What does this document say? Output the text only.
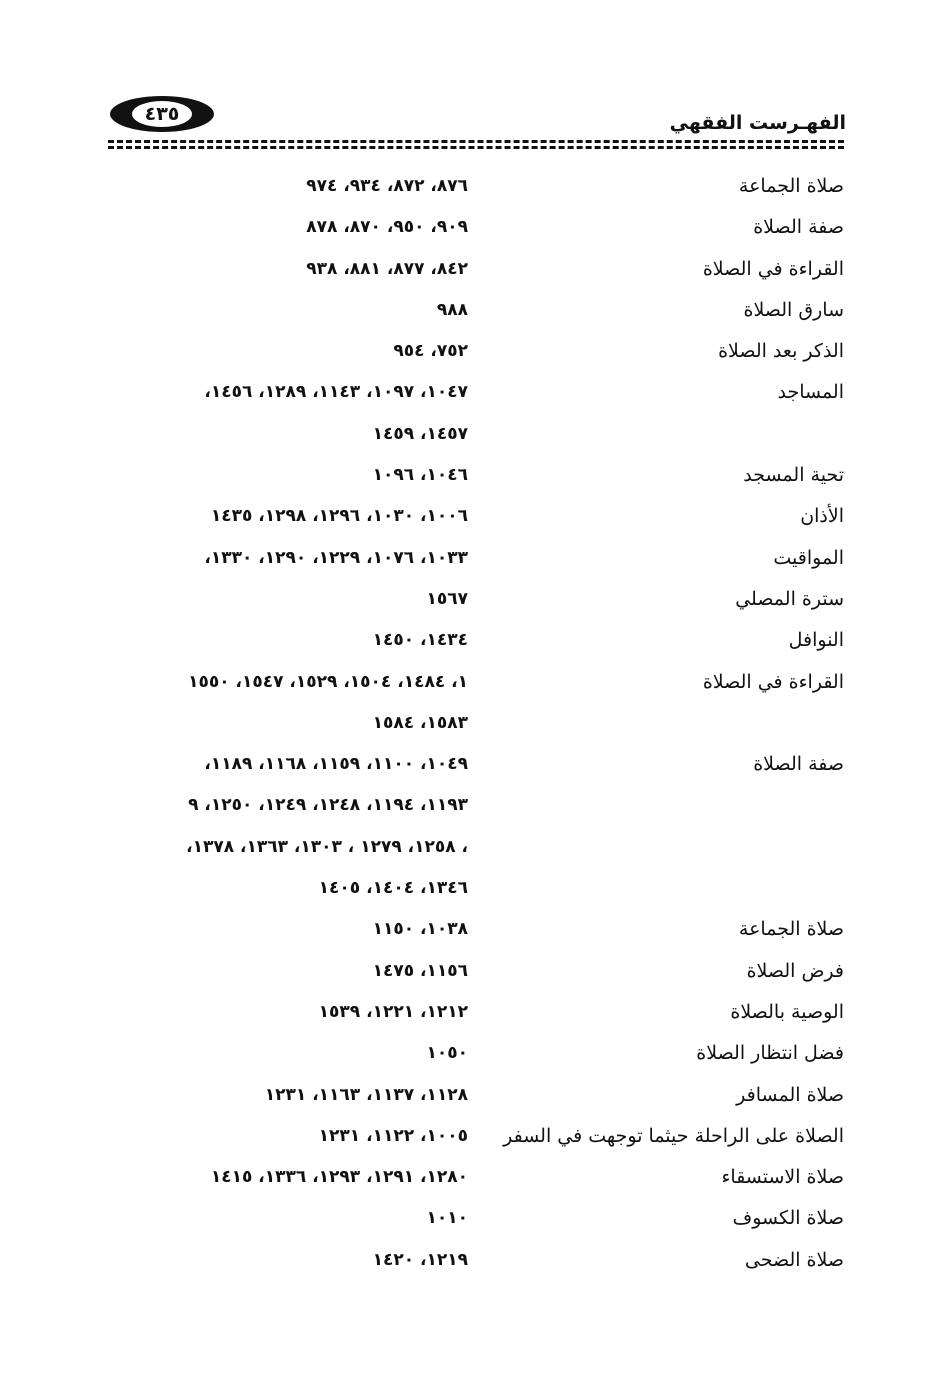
٤٣٥	الفهـرست الفقهي
صلاة الجماعة
٨٧٦، ٨٧٢، ٩٣٤، ٩٧٤
صفة الصلاة
٩٠٩، ٩٥٠، ٨٧٠، ٨٧٨
القراءة في الصلاة
٨٤٢، ٨٧٧، ٨٨١، ٩٣٨
سارق الصلاة
٩٨٨
الذكر بعد الصلاة
٧٥٢، ٩٥٤
المساجد
١٠٤٧، ١٠٩٧، ١١٤٣، ١٢٨٩، ١٤٥٦،
١٤٥٧، ١٤٥٩
تحية المسجد
١٠٤٦، ١٠٩٦
الأذان
١٠٠٦، ١٠٣٠، ١٢٩٦، ١٢٩٨، ١٤٣٥
المواقيت
١٠٣٣، ١٠٧٦، ١٢٢٩، ١٢٩٠، ١٣٣٠،
سترة المصلي
١٥٦٧
النوافل
١٤٣٤، ١٤٥٠
القراءة في الصلاة
١، ١٤٨٤، ١٥٠٤، ١٥٢٩، ١٥٤٧، ١٥٥٠
١٥٨٣، ١٥٨٤
صفة الصلاة
١٠٤٩، ١١٠٠، ١١٥٩، ١١٦٨، ١١٨٩،
١١٩٣، ١١٩٤، ١٢٤٨، ١٢٤٩، ١٢٥٠، ٩
، ١٢٥٨، ١٢٧٩ ، ١٣٠٣، ١٣٦٣، ١٣٧٨،
١٣٤٦، ١٤٠٤، ١٤٠٥
صلاة الجماعة
١٠٣٨، ١١٥٠
فرض الصلاة
١١٥٦، ١٤٧٥
الوصية بالصلاة
١٢١٢، ١٢٢١، ١٥٣٩
فضل انتظار الصلاة
١٠٥٠
صلاة المسافر
١١٢٨، ١١٣٧، ١١٦٣، ١٢٣١
الصلاة على الراحلة حيثما توجهت في السفر
١٠٠٥، ١١٢٢، ١٢٣١
صلاة الاستسقاء
١٢٨٠، ١٢٩١، ١٢٩٣، ١٣٣٦، ١٤١٥
صلاة الكسوف
١٠١٠
صلاة الضحى
١٢١٩، ١٤٢٠
